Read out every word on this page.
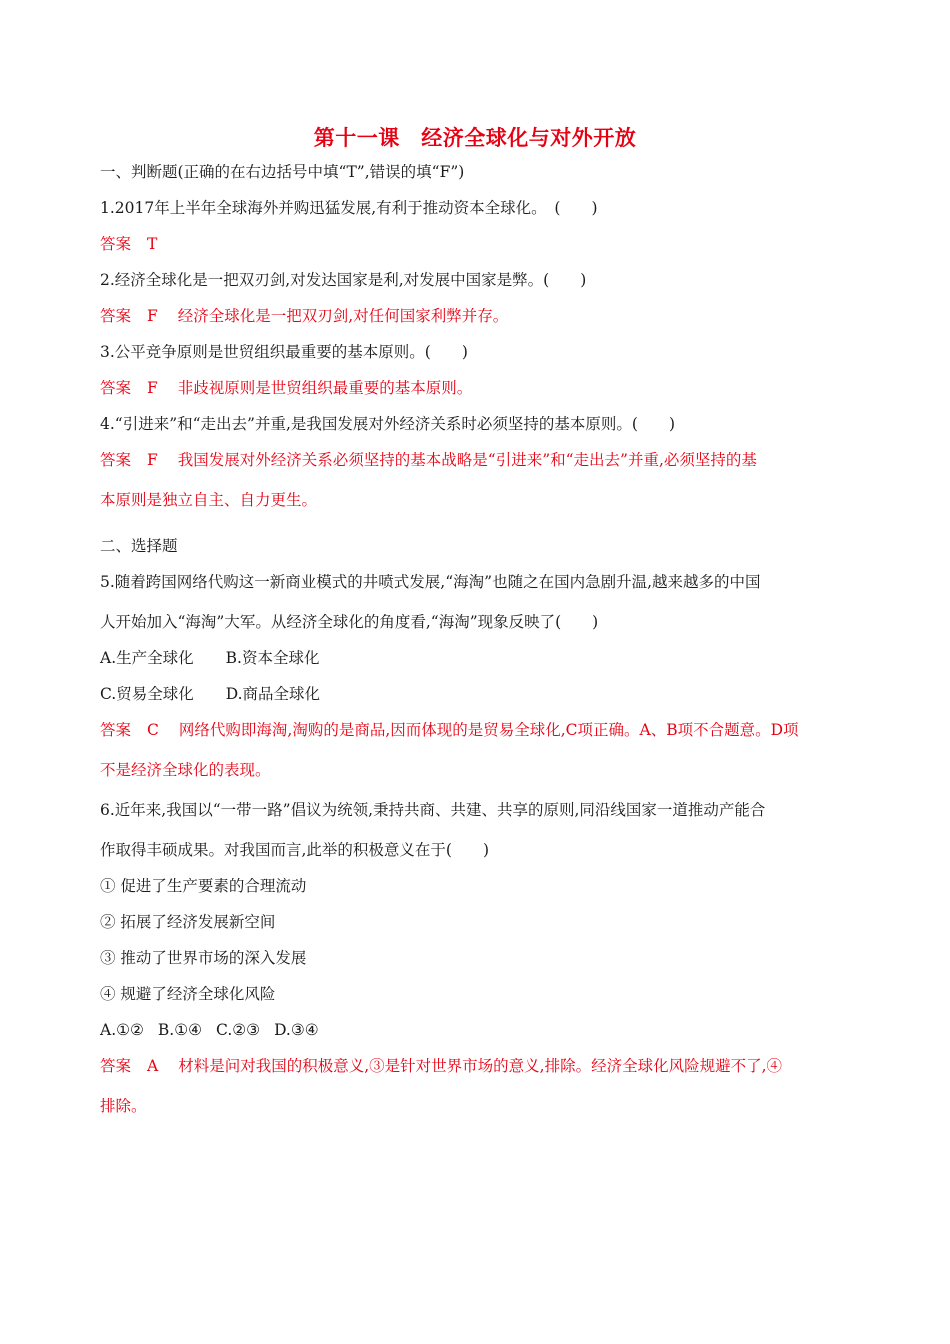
第十一课　经济全球化与对外开放
一、判断题(正确的在右边括号中填“T”,错误的填“F”)
1.2017年上半年全球海外并购迅猛发展,有利于推动资本全球化。　(　　)
答案 T
2.经济全球化是一把双刃剑,对发达国家是利,对发展中国家是弊。(　　)
答案 F 经济全球化是一把双刃剑,对任何国家利弊并存。
3.公平竞争原则是世贸组织最重要的基本原则。(　　)
答案 F 非歧视原则是世贸组织最重要的基本原则。
4.“引进来”和“走出去”并重,是我国发展对外经济关系时必须坚持的基本原则。(　　)
答案 F 我国发展对外经济关系必须坚持的基本战略是“引进来”和“走出去”并重,必须坚持的基
本原则是独立自主、自力更生。
二、选择题
5.随着跨国网络代购这一新商业模式的井喷式发展,“海淘”也随之在国内急剧升温,越来越多的中国
人开始加入“海淘”大军。从经济全球化的角度看,“海淘”现象反映了(　　)
A.生产全球化 B.资本全球化
C.贸易全球化 D.商品全球化
答案 C 网络代购即海淘,淘购的是商品,因而体现的是贸易全球化,C项正确。A、B项不合题意。D项
不是经济全球化的表现。
6.近年来,我国以“一带一路”倡议为统领,秉持共商、共建、共享的原则,同沿线国家一道推动产能合
作取得丰硕成果。对我国而言,此举的积极意义在于(　　)
① 促进了生产要素的合理流动
② 拓展了经济发展新空间
③ 推动了世界市场的深入发展
④ 规避了经济全球化风险
A.①② B.①④ C.②③ D.③④
答案 A 材料是问对我国的积极意义,③是针对世界市场的意义,排除。经济全球化风险规避不了,④
排除。
